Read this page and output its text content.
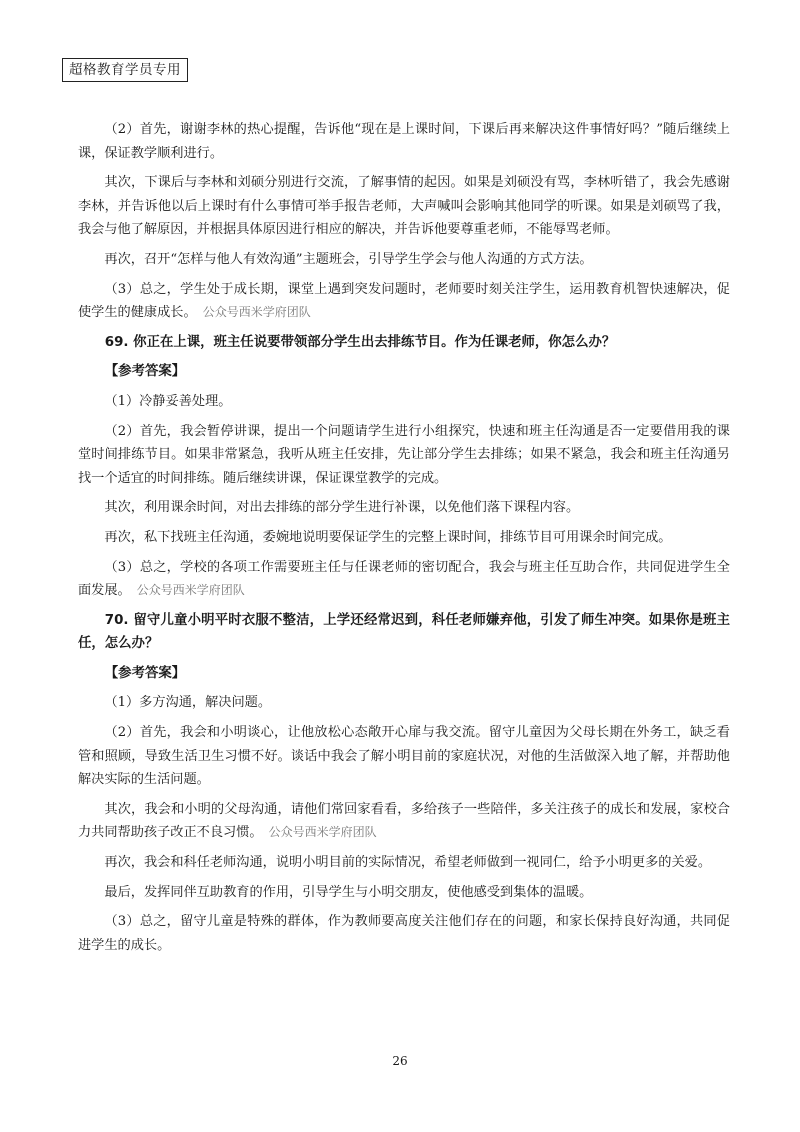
超格教育学员专用

（2）首先，谢谢李林的热心提醒，告诉他“现在是上课时间，下课后再来解决这件事情好吗？”随后继续上课，保证教学顺利进行。

其次，下课后与李林和刘硕分别进行交流，了解事情的起因。如果是刘硕没有骂，李林听错了，我会先感谢李林，并告诉他以后上课时有什么事情可举手报告老师，大声喊叫会影响其他同学的听课。如果是刘硕骂了我，我会与他了解原因，并根据具体原因进行相应的解决，并告诉他要尊重老师，不能辱骂老师。

再次，召开“怎样与他人有效沟通”主题班会，引导学生学会与他人沟通的方式方法。

（3）总之，学生处于成长期，课堂上遇到突发问题时，老师要时刻关注学生，运用教育机智快速解决，促使学生的健康成长。 公众号西米学府团队

69. 你正在上课，班主任说要带领部分学生出去排练节目。作为任课老师，你怎么办？

【参考答案】

（1）冷静妥善处理。

（2）首先，我会暂停讲课，提出一个问题请学生进行小组探究，快速和班主任沟通是否一定要借用我的课堂时间排练节目。如果非常紧急，我听从班主任安排，先让部分学生去排练；如果不紧急，我会和班主任沟通另找一个适宜的时间排练。随后继续讲课，保证课堂教学的完成。

其次，利用课余时间，对出去排练的部分学生进行补课，以免他们落下课程内容。

再次，私下找班主任沟通，委婉地说明要保证学生的完整上课时间，排练节目可用课余时间完成。

（3）总之，学校的各项工作需要班主任与任课老师的密切配合，我会与班主任互助合作，共同促进学生全面发展。 公众号西米学府团队

70. 留守儿童小明平时衣服不整洁，上学还经常迟到，科任老师嫌弃他，引发了师生冲突。如果你是班主任，怎么办？

【参考答案】

（1）多方沟通，解决问题。

（2）首先，我会和小明谈心，让他放松心态敞开心扉与我交流。留守儿童因为父母长期在外务工，缺乏看管和照顾，导致生活卫生习惯不好。谈话中我会了解小明目前的家庭状况，对他的生活做深入地了解，并帮助他解决实际的生活问题。

其次，我会和小明的父母沟通，请他们常回家看看，多给孩子一些陪伴，多关注孩子的成长和发展，家校合力共同帮助孩子改正不良习惯。 公众号西米学府团队

再次，我会和科任老师沟通，说明小明目前的实际情况，希望老师做到一视同仁，给予小明更多的关爱。

最后，发挥同伴互助教育的作用，引导学生与小明交朋友，使他感受到集体的温暖。

（3）总之，留守儿童是特殊的群体，作为教师要高度关注他们存在的问题，和家长保持良好沟通，共同促进学生的成长。

26
